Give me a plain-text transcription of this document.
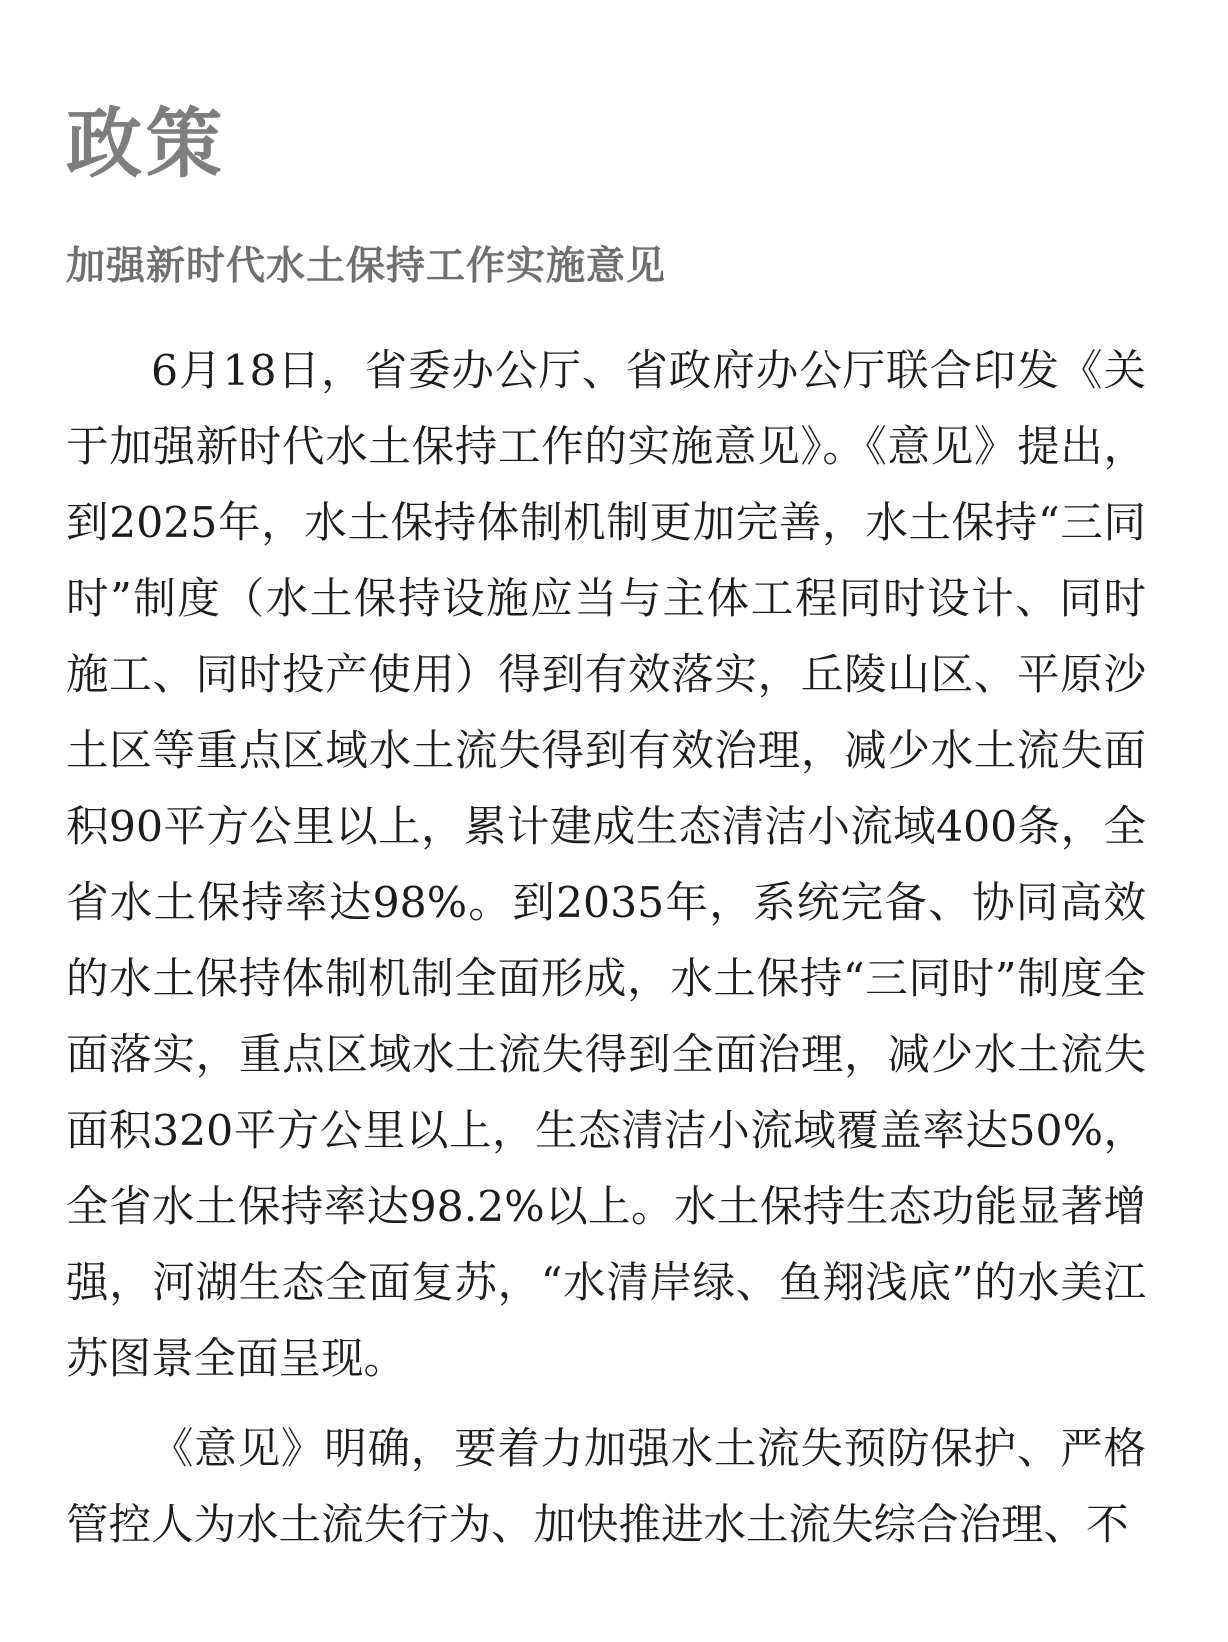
政策
加强新时代水土保持工作实施意见

6月18日，省委办公厅、省政府办公厅联合印发《关于加强新时代水土保持工作的实施意见》。《意见》提出，到2025年，水土保持体制机制更加完善，水土保持“三同时”制度（水土保持设施应当与主体工程同时设计、同时施工、同时投产使用）得到有效落实，丘陵山区、平原沙土区等重点区域水土流失得到有效治理，减少水土流失面积90平方公里以上，累计建成生态清洁小流域400条，全省水土保持率达98%。到2035年，系统完备、协同高效的水土保持体制机制全面形成，水土保持“三同时”制度全面落实，重点区域水土流失得到全面治理，减少水土流失面积320平方公里以上，生态清洁小流域覆盖率达50%，全省水土保持率达98.2%以上。水土保持生态功能显著增强，河湖生态全面复苏，“水清岸绿、鱼翔浅底”的水美江苏图景全面呈现。

《意见》明确，要着力加强水土流失预防保护、严格管控人为水土流失行为、加快推进水土流失综合治理、不
